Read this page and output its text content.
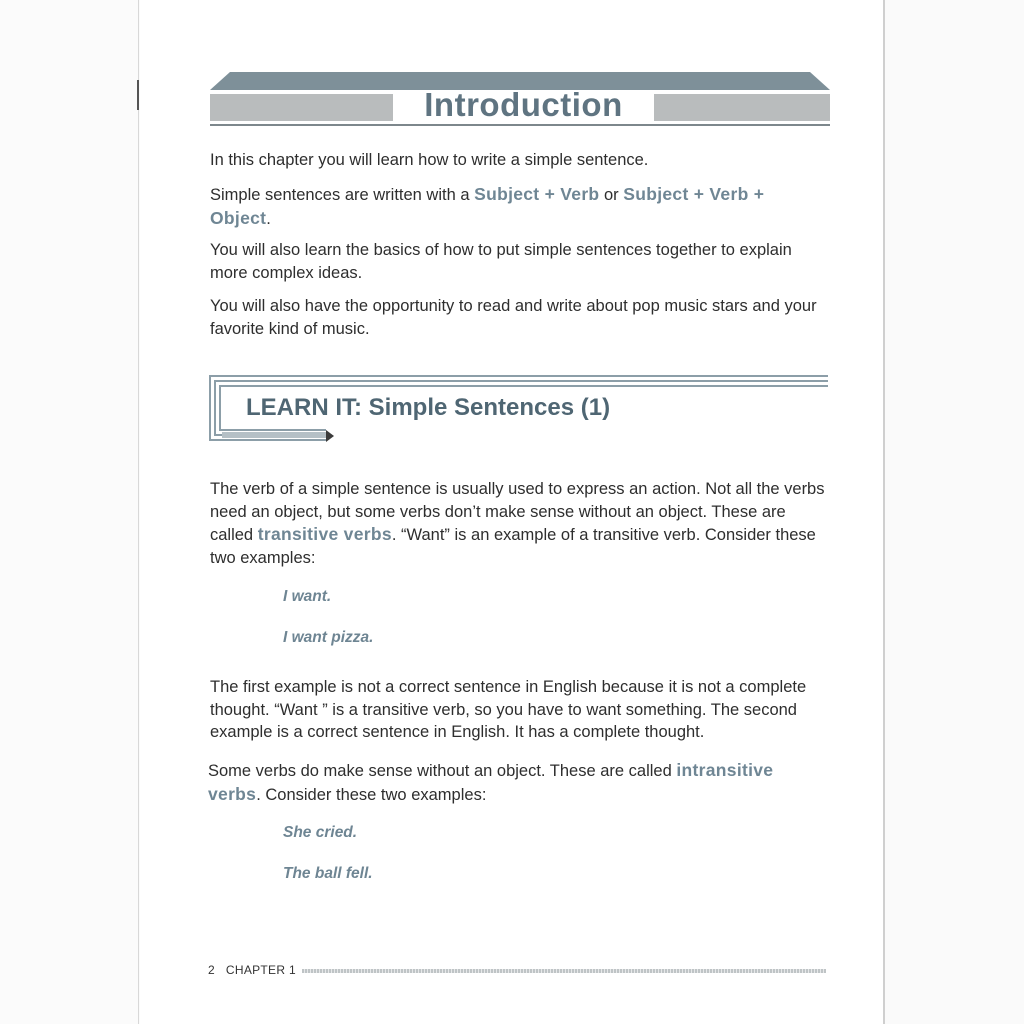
Introduction
In this chapter you will learn how to write a simple sentence.
Simple sentences are written with a Subject + Verb or Subject + Verb + Object.
You will also learn the basics of how to put simple sentences together to explain more complex ideas.
You will also have the opportunity to read and write about pop music stars and your favorite kind of music.
LEARN IT: Simple Sentences (1)
The verb of a simple sentence is usually used to express an action. Not all the verbs need an object, but some verbs don’t make sense without an object. These are called transitive verbs. “Want” is an example of a transitive verb. Consider these two examples:
I want.
I want pizza.
The first example is not a correct sentence in English because it is not a complete thought. “Want ” is a transitive verb, so you have to want something. The second example is a correct sentence in English. It has a complete thought.
Some verbs do make sense without an object. These are called intransitive verbs. Consider these two examples:
She cried.
The ball fell.
2 CHAPTER 1
